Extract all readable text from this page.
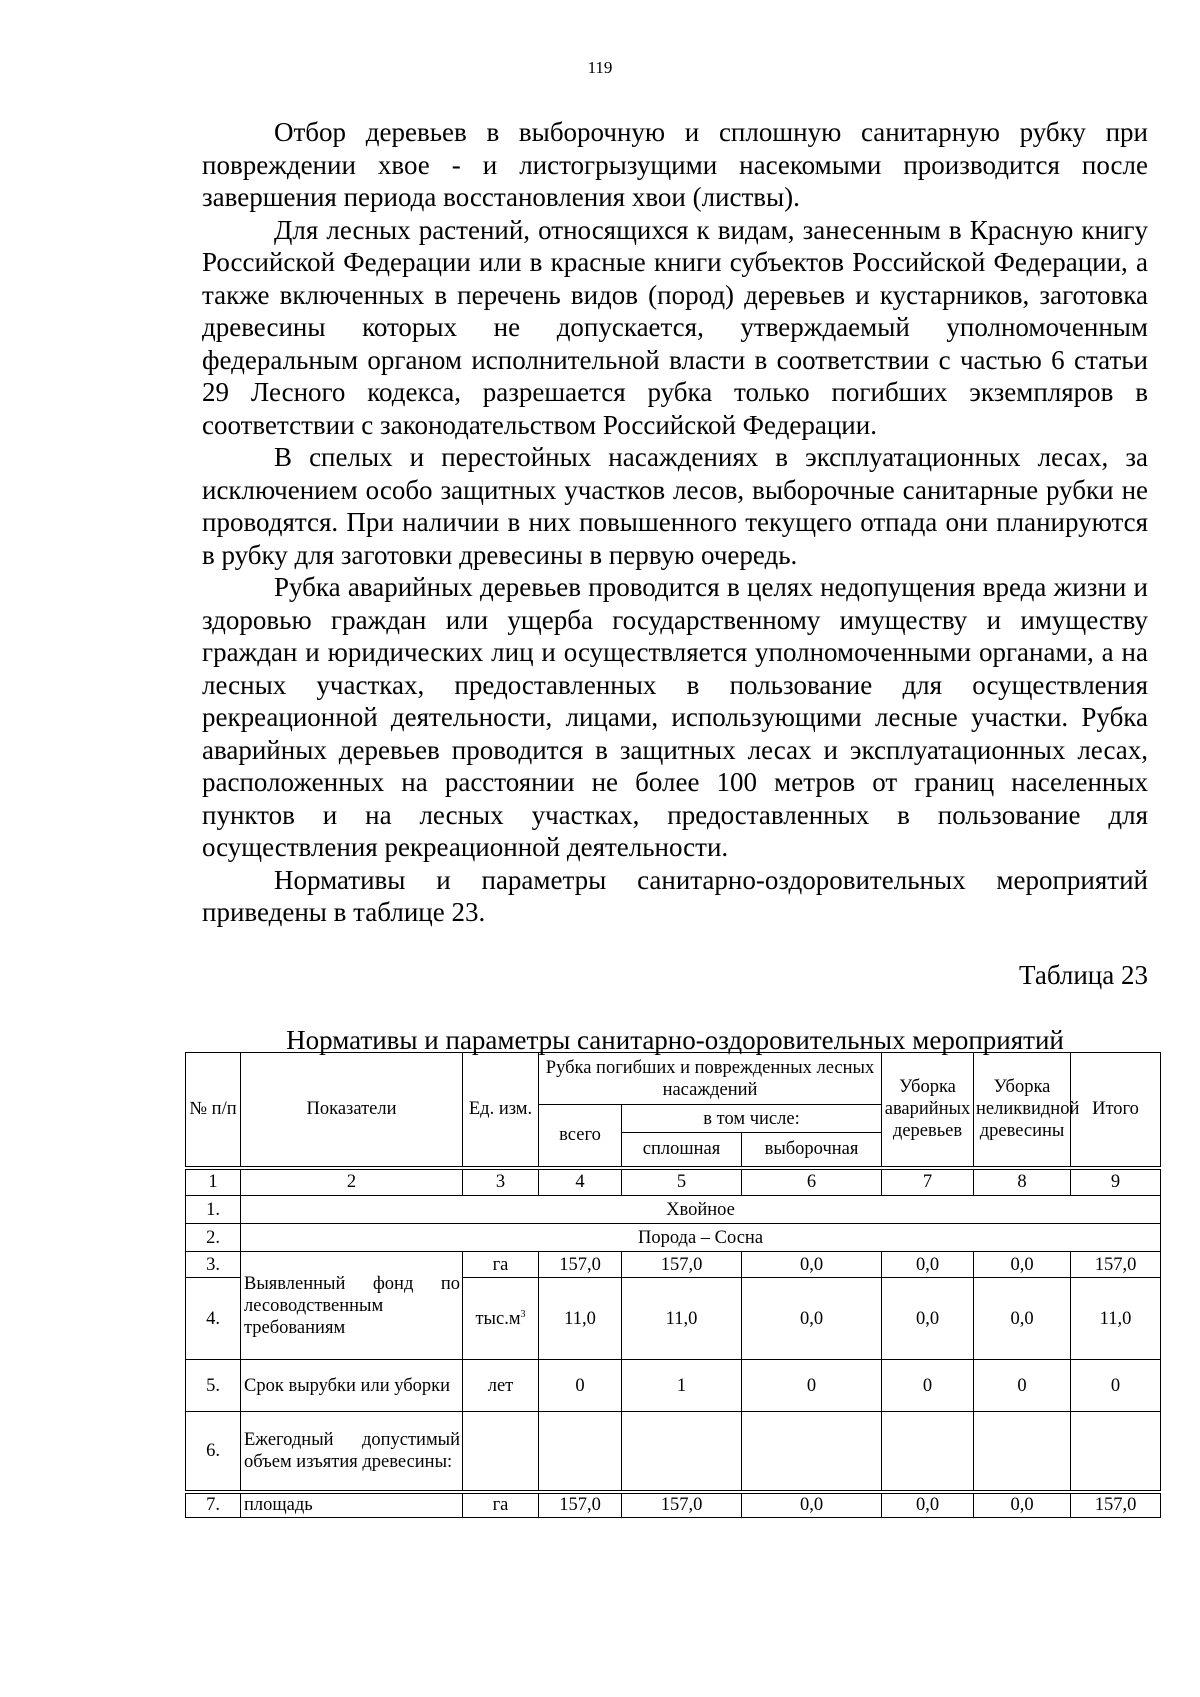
119

Отбор деревьев в выборочную и сплошную санитарную рубку при повреждении хвое - и листогрызущими насекомыми производится после завершения периода восстановления хвои (листвы).

Для лесных растений, относящихся к видам, занесенным в Красную книгу Российской Федерации или в красные книги субъектов Российской Федерации, а также включенных в перечень видов (пород) деревьев и кустарников, заготовка древесины которых не допускается, утверждаемый уполномоченным федеральным органом исполнительной власти в соответствии с частью 6 статьи 29 Лесного кодекса, разрешается рубка только погибших экземпляров в соответствии с законодательством Российской Федерации.

В спелых и перестойных насаждениях в эксплуатационных лесах, за исключением особо защитных участков лесов, выборочные санитарные рубки не проводятся. При наличии в них повышенного текущего отпада они планируются в рубку для заготовки древесины в первую очередь.

Рубка аварийных деревьев проводится в целях недопущения вреда жизни и здоровью граждан или ущерба государственному имуществу и имуществу граждан и юридических лиц и осуществляется уполномоченными органами, а на лесных участках, предоставленных в пользование для осуществления рекреационной деятельности, лицами, использующими лесные участки. Рубка аварийных деревьев проводится в защитных лесах и эксплуатационных лесах, расположенных на расстоянии не более 100 метров от границ населенных пунктов и на лесных участках, предоставленных в пользование для осуществления рекреационной деятельности.

Нормативы и параметры санитарно-оздоровительных мероприятий приведены в таблице 23.

Таблица 23
Нормативы и параметры санитарно-оздоровительных мероприятий
№ п/п	Показатели	Ед. изм.	Рубка погибших и поврежденных лесных насаждений			Уборка аварийных деревьев	Уборка неликвидной древесины	Итого
			всего	в том числе:				
				сплошная	выборочная			
1	2	3	4	5	6	7	8	9
1.	Хвойное							
2.	Порода – Сосна							
3.	Выявленный фонд по лесоводственным требованиям	га	157,0	157,0	0,0	0,0	0,0	157,0
4.		$тыс.м^3$	11,0	11,0	0,0	0,0	0,0	11,0
5.	Срок вырубки или уборки	лет	0	1	0	0	0	0
6.	Ежегодный допустимый объем изъятия древесины:							
7.	площадь	га	157,0	157,0	0,0	0,0	0,0	157,0
